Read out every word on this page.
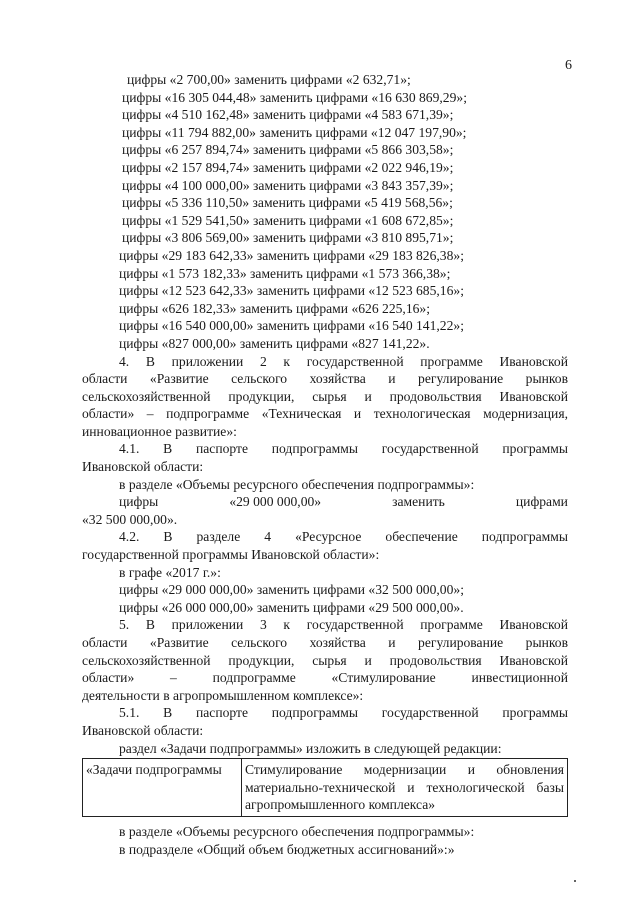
6
цифры «2 700,00» заменить цифрами «2 632,71»;
цифры «16 305 044,48» заменить цифрами «16 630 869,29»;
цифры «4 510 162,48» заменить цифрами «4 583 671,39»;
цифры «11 794 882,00» заменить цифрами «12 047 197,90»;
цифры «6 257 894,74» заменить цифрами «5 866 303,58»;
цифры «2 157 894,74» заменить цифрами «2 022 946,19»;
цифры «4 100 000,00» заменить цифрами «3 843 357,39»;
цифры «5 336 110,50» заменить цифрами «5 419 568,56»;
цифры «1 529 541,50» заменить цифрами «1 608 672,85»;
цифры «3 806 569,00» заменить цифрами «3 810 895,71»;
цифры «29 183 642,33» заменить цифрами «29 183 826,38»;
цифры «1 573 182,33» заменить цифрами «1 573 366,38»;
цифры «12 523 642,33» заменить цифрами «12 523 685,16»;
цифры «626 182,33» заменить цифрами «626 225,16»;
цифры «16 540 000,00» заменить цифрами «16 540 141,22»;
цифры «827 000,00» заменить цифрами «827 141,22».
4. В приложении 2 к государственной программе Ивановской
области «Развитие сельского хозяйства и регулирование рынков
сельскохозяйственной продукции, сырья и продовольствия Ивановской
области» – подпрограмме «Техническая и технологическая модернизация,
инновационное развитие»:
4.1. В паспорте подпрограммы государственной программы
Ивановской области:
в разделе «Объемы ресурсного обеспечения подпрограммы»:
цифры	«29 000 000,00»	заменить	цифрами
«32 500 000,00».
4.2. В разделе 4 «Ресурсное обеспечение подпрограммы
государственной программы Ивановской области»:
в графе «2017 г.»:
цифры «29 000 000,00» заменить цифрами «32 500 000,00»;
цифры «26 000 000,00» заменить цифрами «29 500 000,00».
5. В приложении 3 к государственной программе Ивановской
области «Развитие сельского хозяйства и регулирование рынков
сельскохозяйственной продукции, сырья и продовольствия Ивановской
области» – подпрограмме «Стимулирование инвестиционной
деятельности в агропромышленном комплексе»:
5.1. В паспорте подпрограммы государственной программы
Ивановской области:
раздел «Задачи подпрограммы» изложить в следующей редакции:
«Задачи подпрограммы	Стимулирование модернизации и обновления материально-технической и технологической базы агропромышленного комплекса»
в разделе «Объемы ресурсного обеспечения подпрограммы»:
в подразделе «Общий объем бюджетных ассигнований»:»
